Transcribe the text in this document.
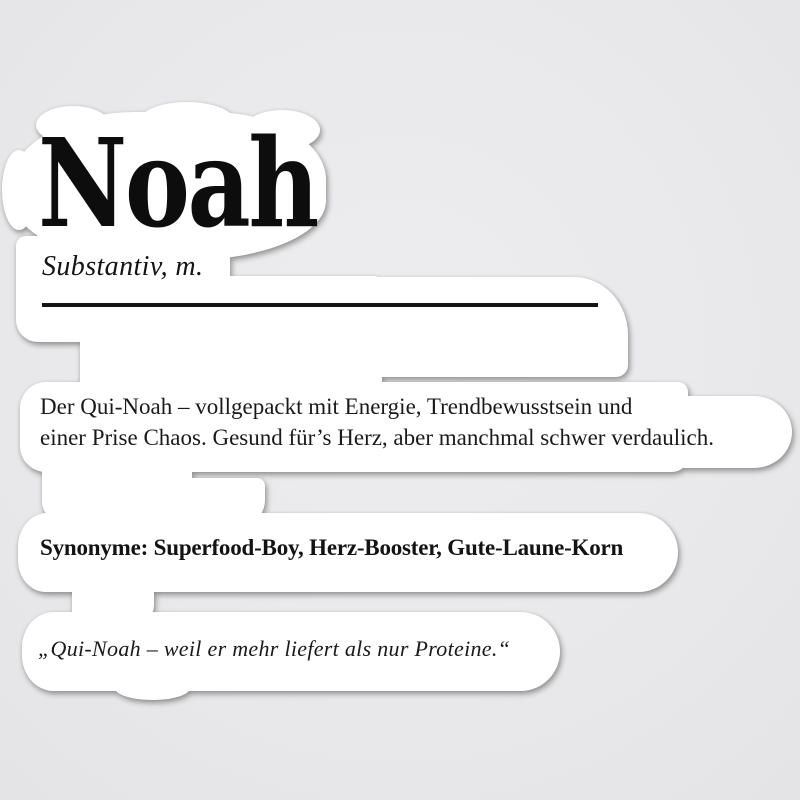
Noah
Substantiv, m.
Der Qui-Noah – vollgepackt mit Energie, Trendbewusstsein und
einer Prise Chaos. Gesund für’s Herz, aber manchmal schwer verdaulich.
Synonyme: Superfood-Boy, Herz-Booster, Gute-Laune-Korn
„Qui-Noah – weil er mehr liefert als nur Proteine.“
